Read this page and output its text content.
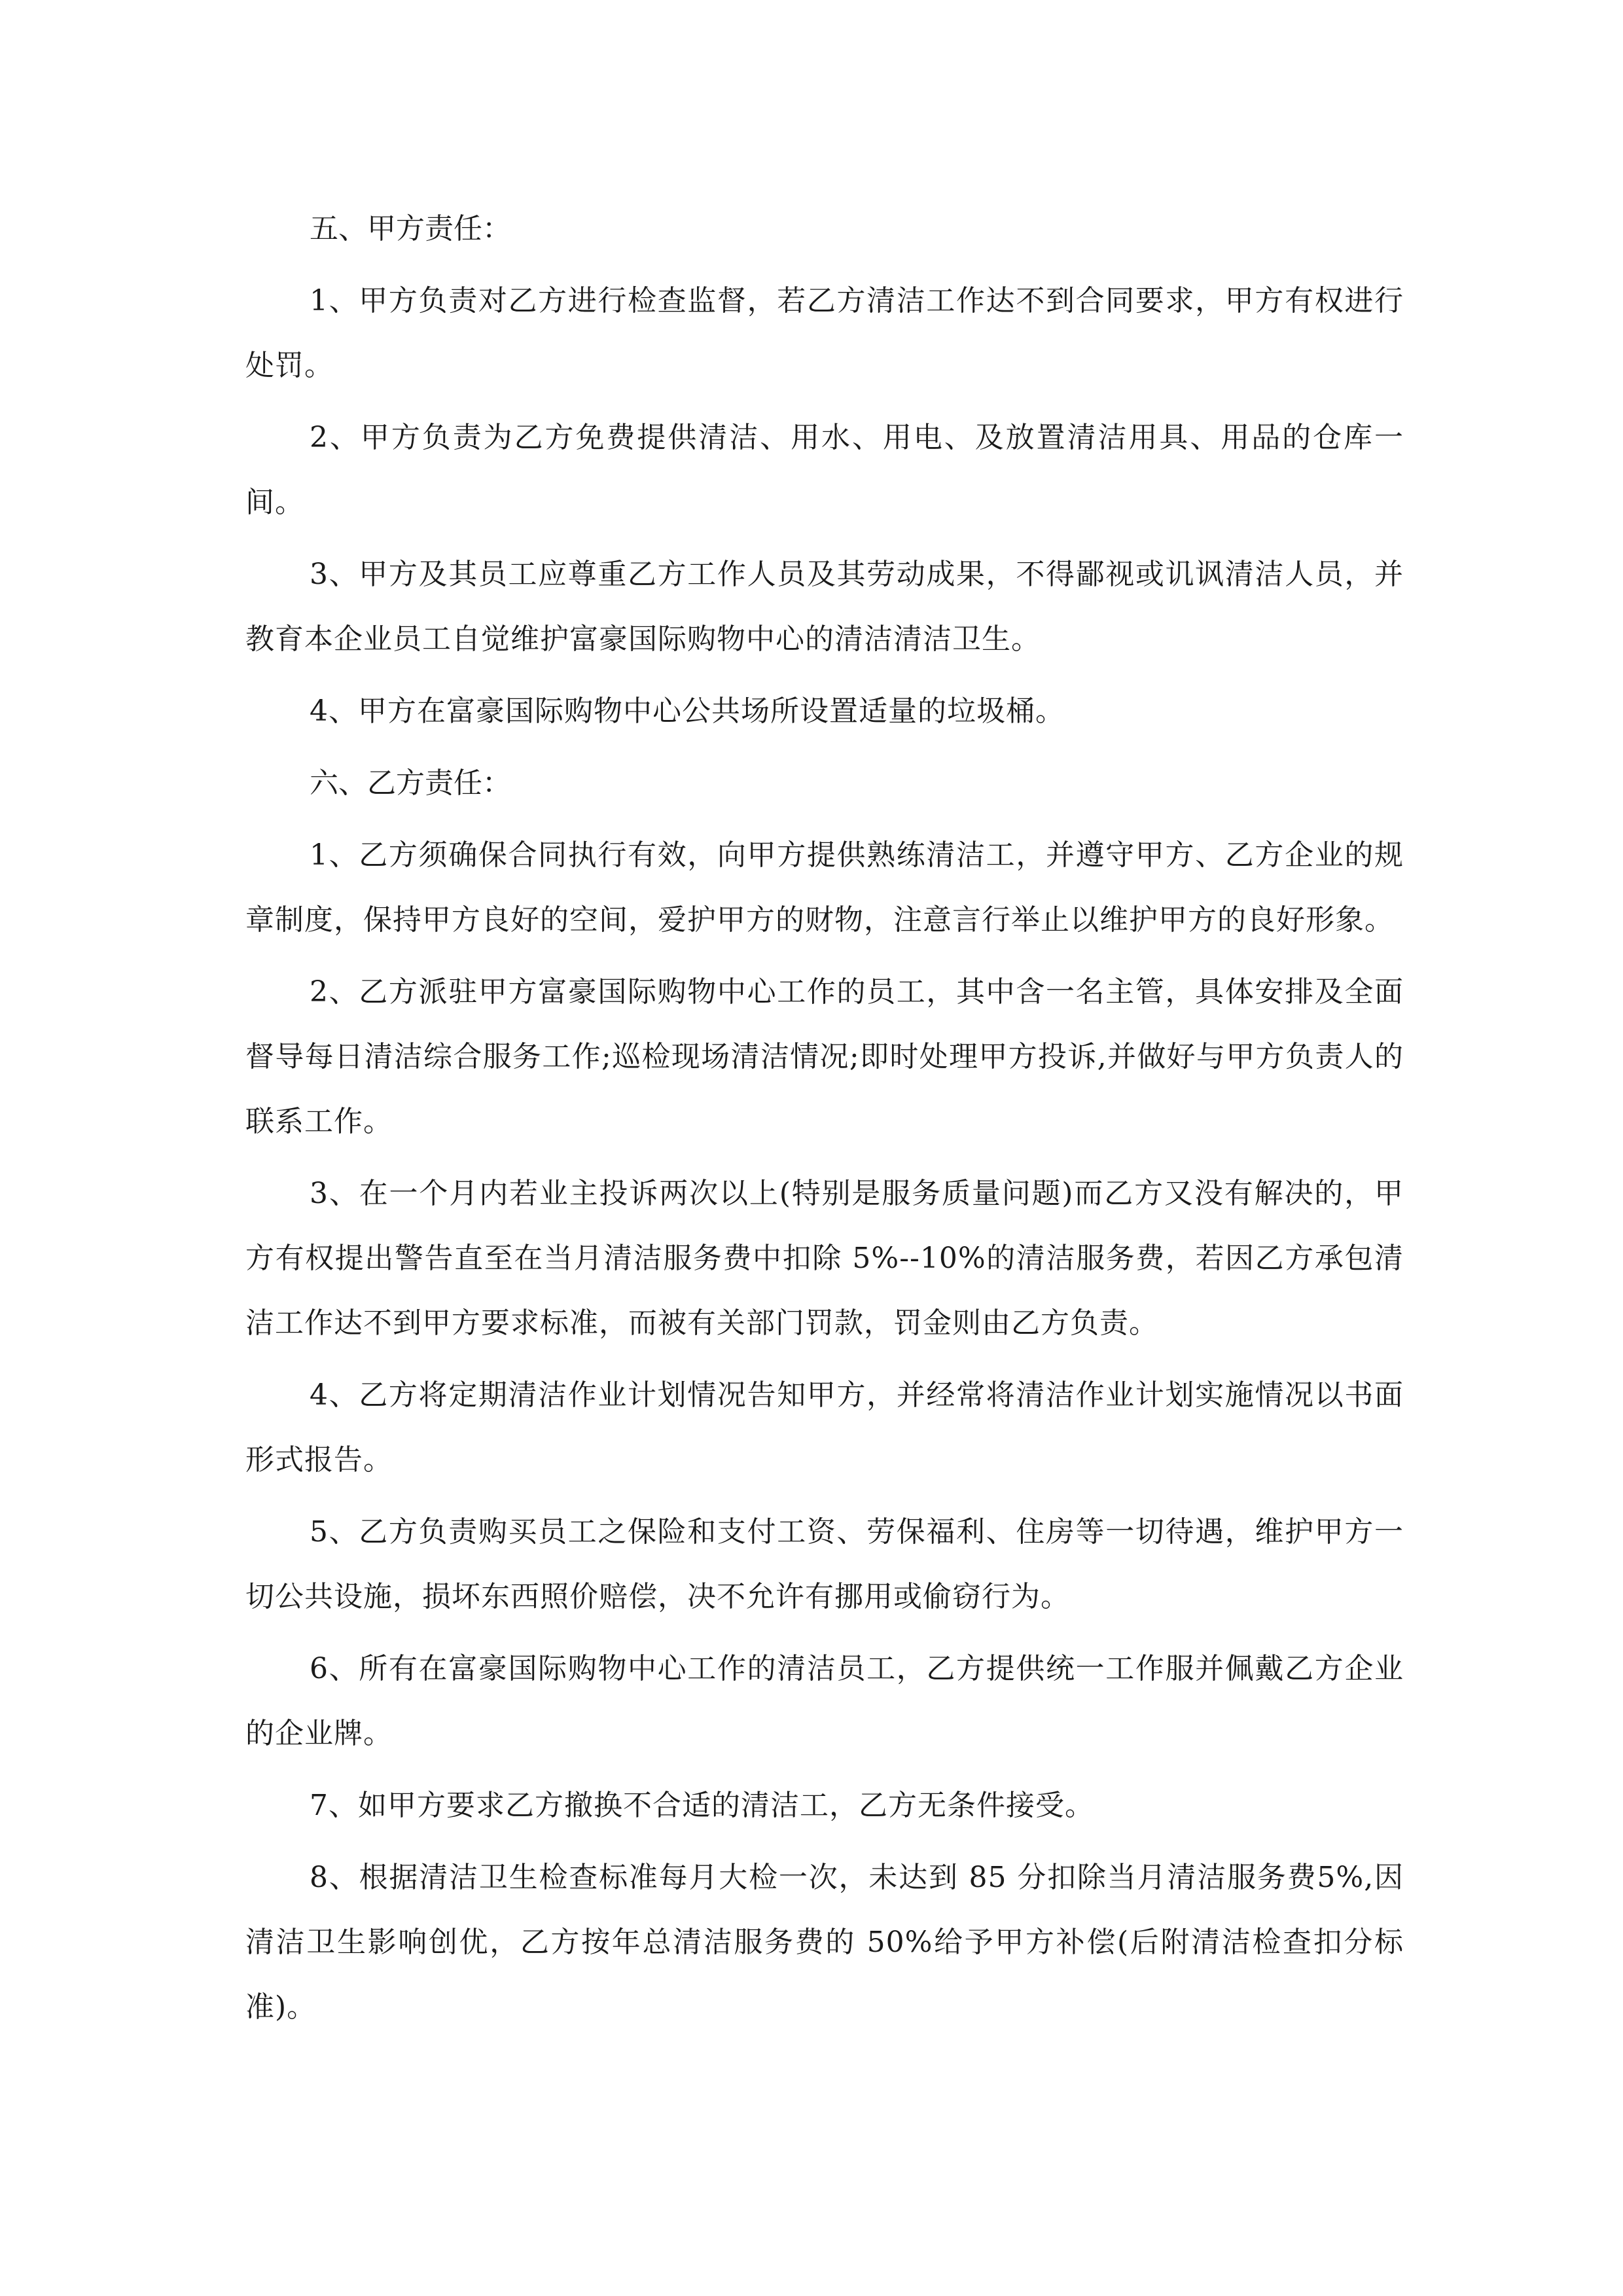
五、甲方责任：

1、甲方负责对乙方进行检查监督，若乙方清洁工作达不到合同要求，甲方有权进行处罚。

2、甲方负责为乙方免费提供清洁、用水、用电、及放置清洁用具、用品的仓库一间。

3、甲方及其员工应尊重乙方工作人员及其劳动成果，不得鄙视或讥讽清洁人员，并教育本企业员工自觉维护富豪国际购物中心的清洁清洁卫生。

4、甲方在富豪国际购物中心公共场所设置适量的垃圾桶。

六、乙方责任：

1、乙方须确保合同执行有效，向甲方提供熟练清洁工，并遵守甲方、乙方企业的规章制度，保持甲方良好的空间，爱护甲方的财物，注意言行举止以维护甲方的良好形象。

2、乙方派驻甲方富豪国际购物中心工作的员工，其中含一名主管，具体安排及全面督导每日清洁综合服务工作;巡检现场清洁情况;即时处理甲方投诉,并做好与甲方负责人的联系工作。

3、在一个月内若业主投诉两次以上(特别是服务质量问题)而乙方又没有解决的，甲方有权提出警告直至在当月清洁服务费中扣除 5%--10%的清洁服务费，若因乙方承包清洁工作达不到甲方要求标准，而被有关部门罚款，罚金则由乙方负责。

4、乙方将定期清洁作业计划情况告知甲方，并经常将清洁作业计划实施情况以书面形式报告。

5、乙方负责购买员工之保险和支付工资、劳保福利、住房等一切待遇，维护甲方一切公共设施，损坏东西照价赔偿，决不允许有挪用或偷窃行为。

6、所有在富豪国际购物中心工作的清洁员工，乙方提供统一工作服并佩戴乙方企业的企业牌。

7、如甲方要求乙方撤换不合适的清洁工，乙方无条件接受。

8、根据清洁卫生检查标准每月大检一次，未达到 85 分扣除当月清洁服务费5%,因清洁卫生影响创优，乙方按年总清洁服务费的 50%给予甲方补偿(后附清洁检查扣分标准)。
